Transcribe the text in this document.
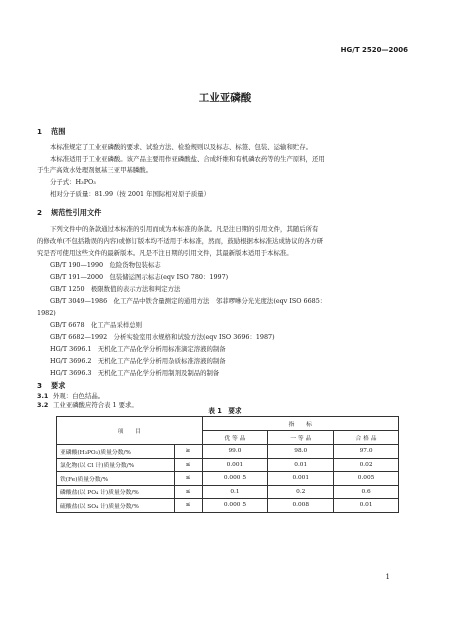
HG/T 2520—2006
工业亚磷酸
1 范围
本标准规定了工业亚磷酸的要求、试验方法、检验规则以及标志、标签、包装、运输和贮存。
本标准适用于工业亚磷酸。该产品主要用作亚磷酸盐、合成纤维和有机磷农药等的生产原料，还用
于生产高效水处理剂氨基三亚甲基膦酸。
分子式：H₃PO₃
相对分子质量：81.99（按 2001 年国际相对原子质量）
2 规范性引用文件
下列文件中的条款通过本标准的引用而成为本标准的条款。凡是注日期的引用文件，其随后所有
的修改单(不包括勘误的内容)或修订版本均不适用于本标准，然而，鼓励根据本标准达成协议的各方研
究是否可使用这些文件的最新版本。凡是不注日期的引用文件，其最新版本适用于本标准。
GB/T 190—1990　危险货物包装标志
GB/T 191—2000　包装储运图示标志(eqv ISO 780：1997)
GB/T 1250　极限数值的表示方法和判定方法
GB/T 3049—1986　化工产品中铁含量测定的通用方法　邻菲啰啉分光光度法(eqv ISO 6685：
1982)
GB/T 6678　化工产品采样总则
GB/T 6682—1992　分析实验室用水规格和试验方法(eqv ISO 3696：1987)
HG/T 3696.1　无机化工产品化学分析用标准滴定溶液的制备
HG/T 3696.2　无机化工产品化学分析用杂质标准溶液的制备
HG/T 3696.3　无机化工产品化学分析用制剂及制品的制备
3 要求
3.1 外观：白色结晶。
3.2 工业亚磷酸应符合表 1 要求。
表 1　要求
项　　目		指　　标		
		优 等 品	一 等 品	合 格 品
亚磷酸(H₃PO₃)质量分数/%	≥	99.0	98.0	97.0
氯化物(以 Cl 计)质量分数/%	≤	0.001	0.01	0.02
铁(Fe)质量分数/%	≤	0.000 5	0.001	0.005
磷酸盐(以 PO₄ 计)质量分数/%	≤	0.1	0.2	0.6
硫酸盐(以 SO₄ 计)质量分数/%	≤	0.000 5	0.008	0.01
1
